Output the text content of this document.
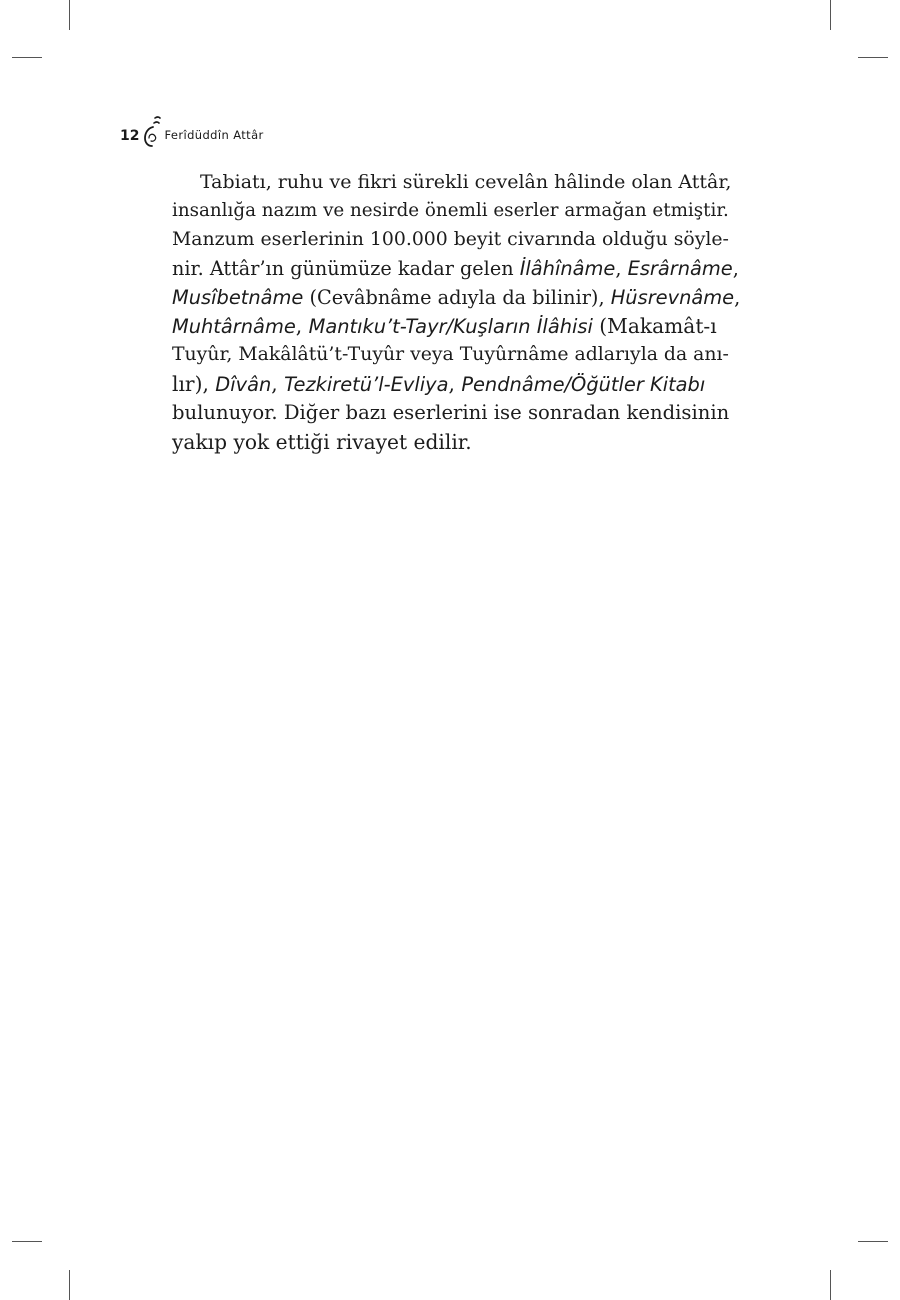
12 Ferîdüddîn Attâr
Tabiatı, ruhu ve fikri sürekli cevelân hâlinde olan Attâr,
insanlığa nazım ve nesirde önemli eserler armağan etmiştir.
Manzum eserlerinin 100.000 beyit civarında olduğu söyle-
nir. Attâr’ın günümüze kadar gelen İlâhînâme, Esrârnâme,
Musîbetnâme (Cevâbnâme adıyla da bilinir), Hüsrevnâme,
Muhtârnâme, Mantıku’t-Tayr/Kuşların İlâhisi (Makamât-ı
Tuyûr, Makâlâtü’t-Tuyûr veya Tuyûrnâme adlarıyla da anı-
lır), Dîvân, Tezkiretü’l-Evliya, Pendnâme/Öğütler Kitabı
bulunuyor. Diğer bazı eserlerini ise sonradan kendisinin
yakıp yok ettiği rivayet edilir.
